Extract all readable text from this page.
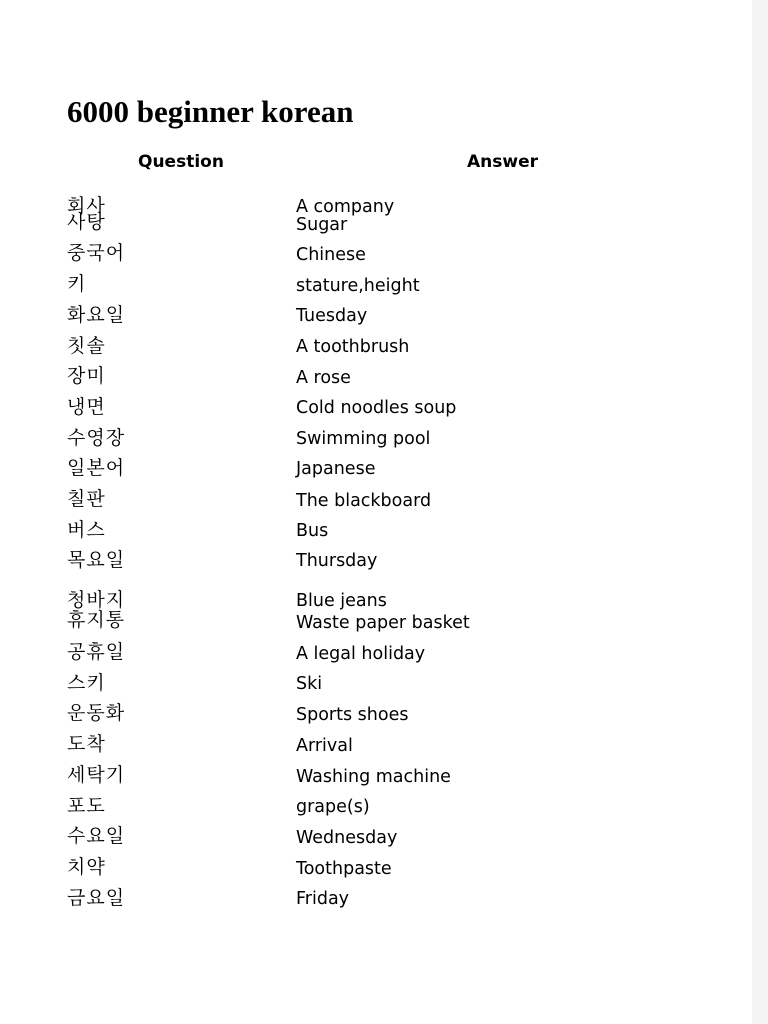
6000 beginner korean
Question	Answer
회사	A company
사탕	Sugar
중국어	Chinese
키	stature,height
화요일	Tuesday
칫솔	A toothbrush
장미	A rose
냉면	Cold noodles soup
수영장	Swimming pool
일본어	Japanese
칠판	The blackboard
버스	Bus
목요일	Thursday
청바지	Blue jeans
휴지통	Waste paper basket
공휴일	A legal holiday
스키	Ski
운동화	Sports shoes
도착	Arrival
세탁기	Washing machine
포도	grape(s)
수요일	Wednesday
치약	Toothpaste
금요일	Friday
